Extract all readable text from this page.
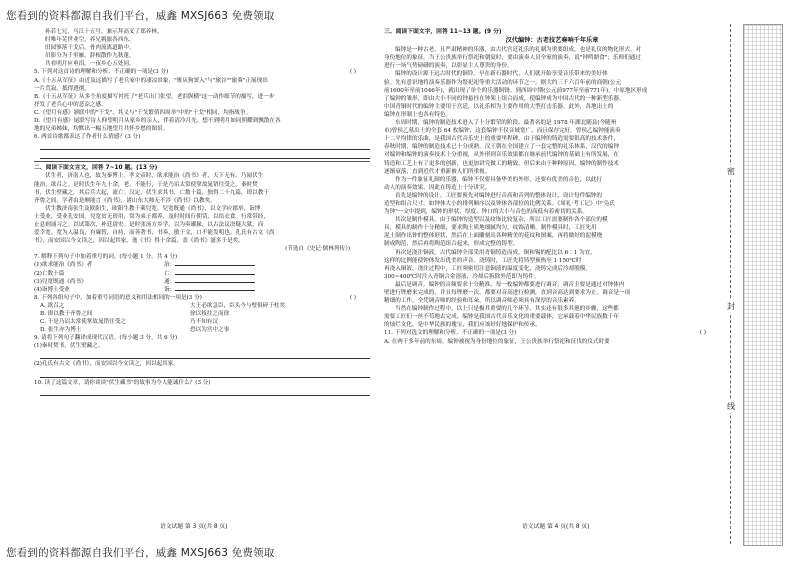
您看到的资料都源自我们平台，威鑫 MXSJ663 免费领取
孙若七兄，马江十五号，兼示拜高叉了郑养林。
时唯年芜世业空，养兄羁旅各西东。
田园寥落干戈后，骨肉流离道路中。
吊影分为千里雁，辞根散作九秋蓬。
共看明月应垂泪，一夜乡心五处同。
5. 下列对这首诗的理解和分析，不正确的一项是(3 分)	( )
A.《十五从军征》由近及远描写了老兵家中的凄凉景象，"雉从狗窦入"与"旅谷""旅葵"正展现出
一片荒寂，抵得透彻。
B.《十五从军征》从多个角度描写衬托了"老兵出门张望，老泪纵横"这一动作细节的描写，进一步
抒发了老兵心中的悲凉之感。
C.《望月有感》颔联中的"干戈"，其义与"千戈繁倩四周举"中的"干戈"相同，均指战争。
D.《望月有感》尾联写诗人仰望明月从家乡的亲人，伴着清冷月光。想不到明月如同照耀到飘散在各
地的兄弟姊妹，均默出一幅五地望月共怀乡愁的图景。
6. 两首诗歌都表达了作者什么情感？(3 分)
二、阅读下面文言文，回答 7~10 题。(13 分)
伏生者，济南人也，故为秦博士。孝文帝时，欲求能治《尚书》者，天下无有。乃闻伏生
能治，欲召之。是时伏生年九十余，老，不能行，于是乃诏太常使掌故晁错往受之。秦时焚
书，伏生壁藏之。其后兵大起，流亡。汉定，伏生求其书，亡数十篇，独得二十九篇，即以教于
齐鲁之间。学者由是颇能言《尚书》，诸山东大师无不涉《尚书》以教矣。
伏生教济南张生及欧阳生，欧阳生教千乘兒宽。兒宽既通《尚书》，以文学应郡举，诣博
士受业，受业孔安国。兒宽贫无资用，常为弟子都养，及时时间行佣赁，以给衣食。行常带经，
止息则诵习之。以试第次，补廷尉史。是时张汤方乡学，以为奏谳掾，以古法议决疑大狱，而
爱幸宽。宽为人温良，有廉智，自持，而善著书、书奏，敏于文，口不能发明也。孔氏有古文《尚
书》，而安国以今文读之，因以起其家。逸《书》得十余篇，盖《尚书》滋多于是矣。
(节选自《史记·儒林列传》)
7. 解释下列句子中加着重号的词。(每小题 1 分，共 4 分)
(1)欲求能治《尚书》者	治：
(2)亡数十篇	亡：
(3)兒宽既通《尚书》	通：
(4)诣博士受业	诣：
8. 下列各组句子中，加着重号词语的意义和用法相同的一项是(3 分)	( )
A. 欲召之	大王必欲急臣，臣头今与璧俱碎于柱矣
B. 即以教于齐鲁之间	徐以枝拄之而徐
C. 于是乃诏太常使掌故晁错往受之	乃不知有汉
D. 张生亦为博士	恐以为宫中之事
9. 请将下列句子翻译成现代汉语。(每小题 3 分，共 6 分)
(1)秦时焚书，伏生壁藏之。
(2)孔氏有古文《尚书》，而安国以今文读之，因以起其家。
10. 读了这篇文章，请你谈谈"伏生藏书"的故事为今人能诚什么？(3 分)
语文试题 第 3 页(共 8 页)
三、阅读下面文字，回答 11~13 题。(9 分)
汉代编钟：古老技艺奏响千年乐章
编钟是一种古老、且严肃精神的乐器，由古代宫廷礼乐的礼制为重要组成，也是礼仪的物化形式。对
身份地位的象征。当王公贵族举行祭祀和朝宴时，要由演奏人员全家的演奏，说"钟鸣鼎食"；乐师们通过
进行一场气势磅礴的演奏，以彰显主人尊贵的身份。
编钟的设计源于远古时代的铜铃。早在新石器时代，人们就开始享受音乐带来的美好体
验。先有意识地将演奏乐器作为祭祀祀等重大活动的环节之一。据大约三千六百年前的商朝(公元
前1600年至前1046年)，就出现了单个的乐器铜铙。到西周中期(公元前977年至前771年)，中原地区形成
了编钟的雏形，即由大小不同的钟悬挂在钟架上组合而成，使编钟成为中国古代的一种新型乐器。
中国青铜时代的编钟主要用于宫廷，以礼乐相为主要作用的大型打击乐器。此外，各地出土的
编钟在形制上也各有特色。
东周时期，编钟的制造技术进入了十分繁荣的阶段，最著名的是 1978 年湖北随县(今随州
市)曾侯乙墓出土的全套 64 枚编钟，这套编钟不仅音域宽广，而且保存完好。曾侯乙编钟能演奏
十二平均律的乐曲，是我国古代音乐史上的重要里程碑。由于编钟的铸造需要很高的技术条件，
春秋时期，编钟的制造技术已十分成熟。汉王朝在全国建立了一套完整的礼乐体系，汉代的编钟
对编钟和编钟的演奏技术十分重视，从外形到音乐效果都在继承前代编钟的基础上有所发展，在
铸造和工艺上有了更多的创新，也更加讲究做工的精致。但后来由于种种原因，编钟的制作技术
逐渐衰落，直到近代才重新被人们所重视。
作为一件象征礼制的乐器，编钟不仅要具备华美的外形，还要有优美的音色，以此打
动人的演奏效果，因此在铸造上十分讲究。
首先是编钟的设计。工匠要预先对编钟进行音高和音列的整体设计，设计每件编钟的
造型和组合尺寸，如钟体大小的排列顺序以及钟体各部位的比例关系。《周礼·考工记》中"凫氏
为钟"一文中提到，编钟的形状、厚度、钟口的大小与音色的高低有着密切的关系。
其次是制作模具。由于编钟的造型以及纹饰比较复杂，所以工匠需要制作各个部位的模
具，模具的制作十分精细，要求陶土质地细腻均匀，纹饰清晰。制作模具时，工匠先用
泥土制作出钟的整体形状，然后在上面雕刻出各种精美的花纹和图案，再将做好的泥模烧
制成陶范，然后再将陶范组合起来，形成完整的铸型。
再次是浇注铜液。古代编钟全部采用青铜铸造而成，铜和锡的配比以 6∶1 为宜，
这样的比例能使钟体发出优美的声音。浇铸时，工匠先将铸型预热至 1 150℃时
再浇入铜液，浇注过程中，工匠须密切注意铜液的温度变化，浇铸完成后冷却脱模。
300~400℃时注入青铜合金溶液，冷却后拆除外范即为铸件。
最后是调音。编钟的音频要求十分精准，每一枚编钟都要进行调音，调音主要是通过对钟体内
壁进行锉磨来完成的，并且每锉磨一次，都要对音高进行检测，直到音高达到要求为止。调音是一项
精细的工作，全凭调音师的经验和耳朵，所以调音师必须具有深厚的音乐素养。
当然在编钟制作过程中，以上只是极其重要的几个环节，其实还有很多其他的步骤，这些都
需要工匠们一丝不苟地去完成。编钟是我国古代音乐文化的重要载体，它承载着中华民族数千年
的灿烂文化，是中华民族的瑰宝，我们应该好好地保护和传承。
11. 下列对选文的理解和分析，不正确的一项是(3 分)	( )
A. 在两千多年前的东周，编钟被视为身份地位的象征，王公贵族举行祭祀和征伐的仪式时要
语文试题 第 4 页(共 8 页)
密
封
线
您看到的资料都源自我们平台，威鑫 MXSJ663 免费领取
